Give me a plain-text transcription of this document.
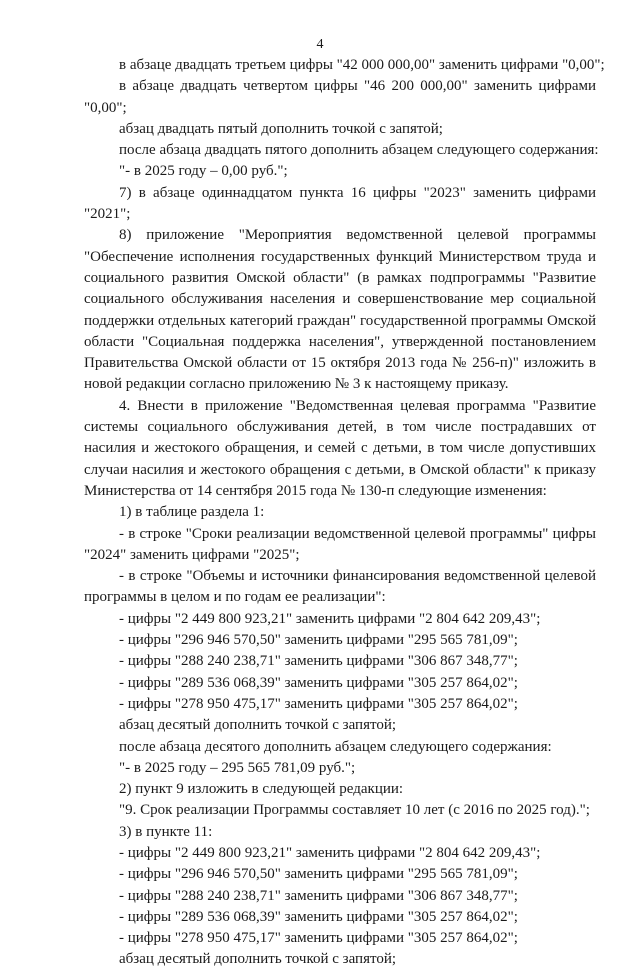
4

в абзаце двадцать третьем цифры "42 000 000,00" заменить цифрами "0,00";

в абзаце двадцать четвертом цифры "46 200 000,00" заменить цифрами "0,00";

абзац двадцать пятый дополнить точкой с запятой;

после абзаца двадцать пятого дополнить абзацем следующего содержания:

"- в 2025 году – 0,00 руб.";

7) в абзаце одиннадцатом пункта 16 цифры "2023" заменить цифрами "2021";

8) приложение "Мероприятия ведомственной целевой программы "Обеспечение исполнения государственных функций Министерством труда и социального развития Омской области" (в рамках подпрограммы "Развитие социального обслуживания населения и совершенствование мер социальной поддержки отдельных категорий граждан" государственной программы Омской области "Социальная поддержка населения", утвержденной постановлением Правительства Омской области от 15 октября 2013 года № 256-п)" изложить в новой редакции согласно приложению № 3 к настоящему приказу.

4. Внести в приложение "Ведомственная целевая программа "Развитие системы социального обслуживания детей, в том числе пострадавших от насилия и жестокого обращения, и семей с детьми, в том числе допустивших случаи насилия и жестокого обращения с детьми, в Омской области" к приказу Министерства от 14 сентября 2015 года № 130-п следующие изменения:

1) в таблице раздела 1:

- в строке "Сроки реализации ведомственной целевой программы" цифры "2024" заменить цифрами "2025";

- в строке "Объемы и источники финансирования ведомственной целевой программы в целом и по годам ее реализации":

- цифры "2 449 800 923,21" заменить цифрами "2 804 642 209,43";

- цифры "296 946 570,50" заменить цифрами "295 565 781,09";

- цифры "288 240 238,71" заменить цифрами "306 867 348,77";

- цифры "289 536 068,39" заменить цифрами "305 257 864,02";

- цифры "278 950 475,17" заменить цифрами "305 257 864,02";

абзац десятый дополнить точкой с запятой;

после абзаца десятого дополнить абзацем следующего содержания:

"- в 2025 году – 295 565 781,09 руб.";

2) пункт 9 изложить в следующей редакции:

"9. Срок реализации Программы составляет 10 лет (с 2016 по 2025 год).";

3) в пункте 11:

- цифры "2 449 800 923,21" заменить цифрами "2 804 642 209,43";

- цифры "296 946 570,50" заменить цифрами "295 565 781,09";

- цифры "288 240 238,71" заменить цифрами "306 867 348,77";

- цифры "289 536 068,39" заменить цифрами "305 257 864,02";

- цифры "278 950 475,17" заменить цифрами "305 257 864,02";

абзац десятый дополнить точкой с запятой;
